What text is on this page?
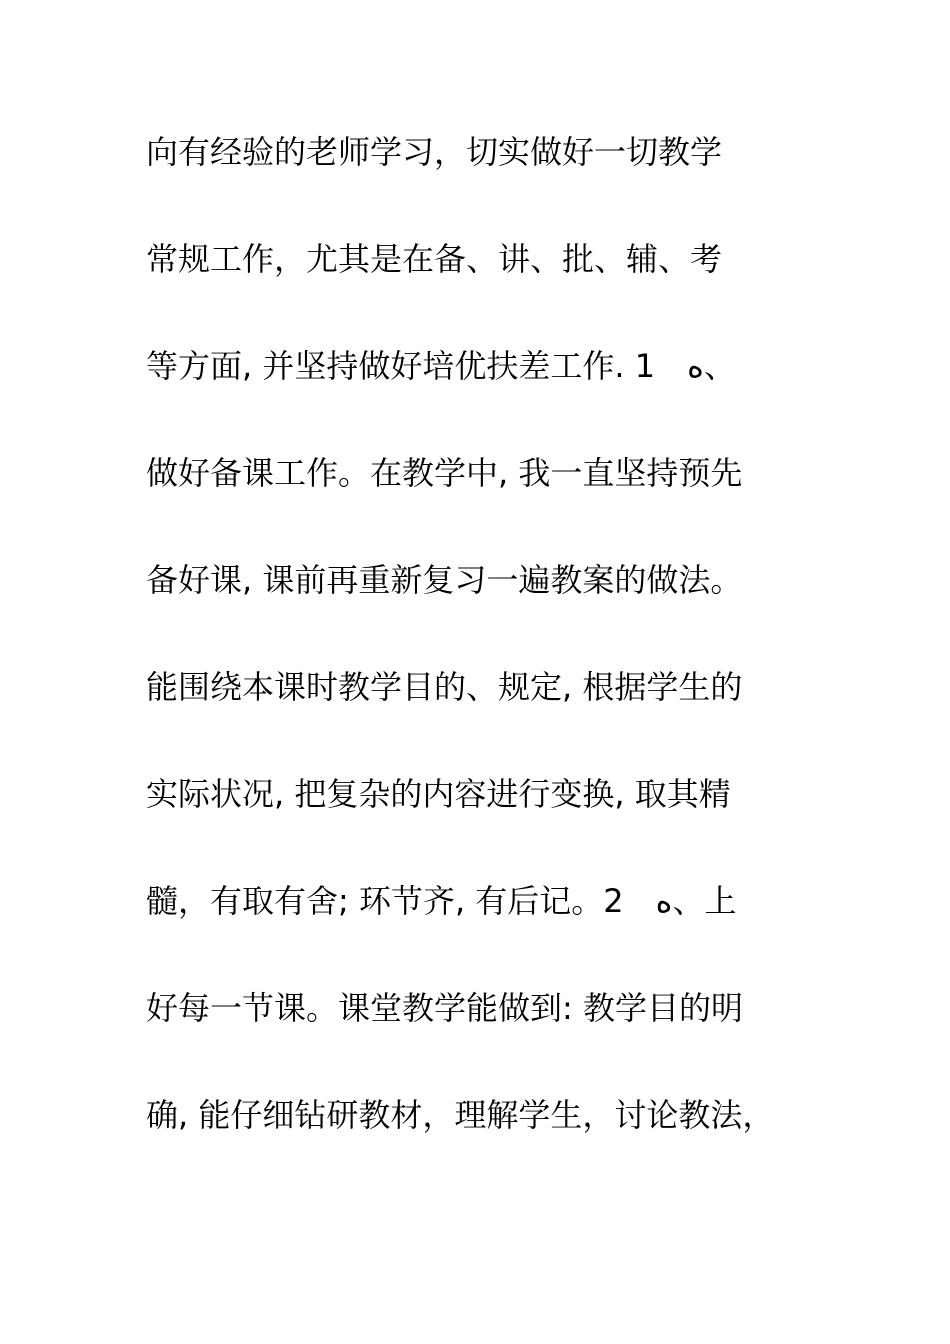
向有经验的老师学习，切实做好一切教学
常规工作，尤其是在备、讲、批、辅、考
等方面, 并坚持做好培优扶差工作. 1　ه、
做好备课工作。在教学中, 我一直坚持预先
备好课, 课前再重新复习一遍教案的做法。
能围绕本课时教学目的、规定, 根据学生的
实际状况, 把复杂的内容进行变换, 取其精
髓，有取有舍; 环节齐, 有后记。2　ه、上
好每一节课。课堂教学能做到: 教学目的明
确, 能仔细钻研教材，理解学生，讨论教法，
